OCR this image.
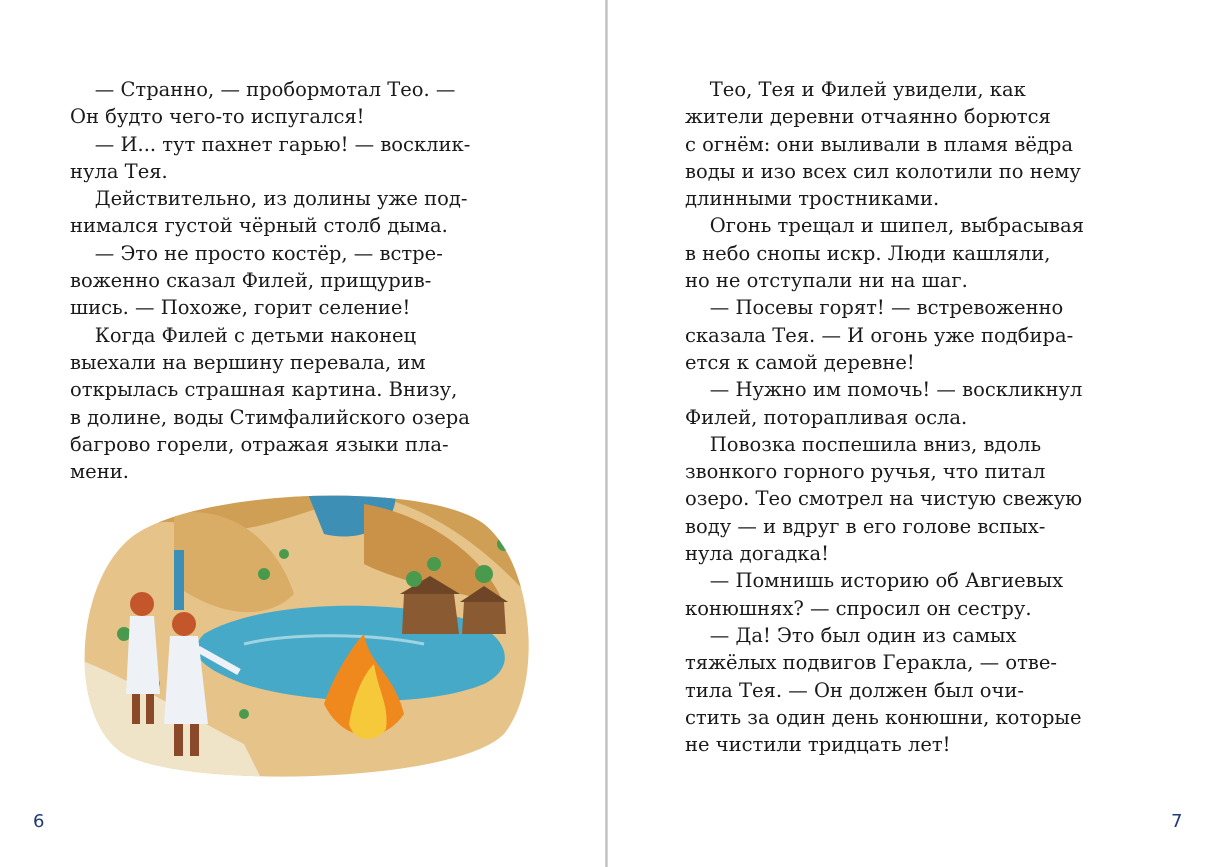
— Странно, — пробормотал Тео. —

Он будто чего-то испугался!

— И... тут пахнет гарью! — восклик-

нула Тея.

Действительно, из долины уже под-

нимался густой чёрный столб дыма.

— Это не просто костёр, — встре-

воженно сказал Филей, прищурив-

шись. — Похоже, горит селение!

Когда Филей с детьми наконец

выехали на вершину перевала, им

открылась страшная картина. Внизу,

в долине, воды Стимфалийского озера

багрово горели, отражая языки пла-

мени.

6

Тео, Тея и Филей увидели, как

жители деревни отчаянно борются

с огнём: они выливали в пламя вёдра

воды и изо всех сил колотили по нему

длинными тростниками.

Огонь трещал и шипел, выбрасывая

в небо снопы искр. Люди кашляли,

но не отступали ни на шаг.

— Посевы горят! — встревоженно

сказала Тея. — И огонь уже подбира-

ется к самой деревне!

— Нужно им помочь! — воскликнул

Филей, поторапливая осла.

Повозка поспешила вниз, вдоль

звонкого горного ручья, что питал

озеро. Тео смотрел на чистую свежую

воду — и вдруг в его голове вспых-

нула догадка!

— Помнишь историю об Авгиевых

конюшнях? — спросил он сестру.

— Да! Это был один из самых

тяжёлых подвигов Геракла, — отве-

тила Тея. — Он должен был очи-

стить за один день конюшни, которые

не чистили тридцать лет!

7
